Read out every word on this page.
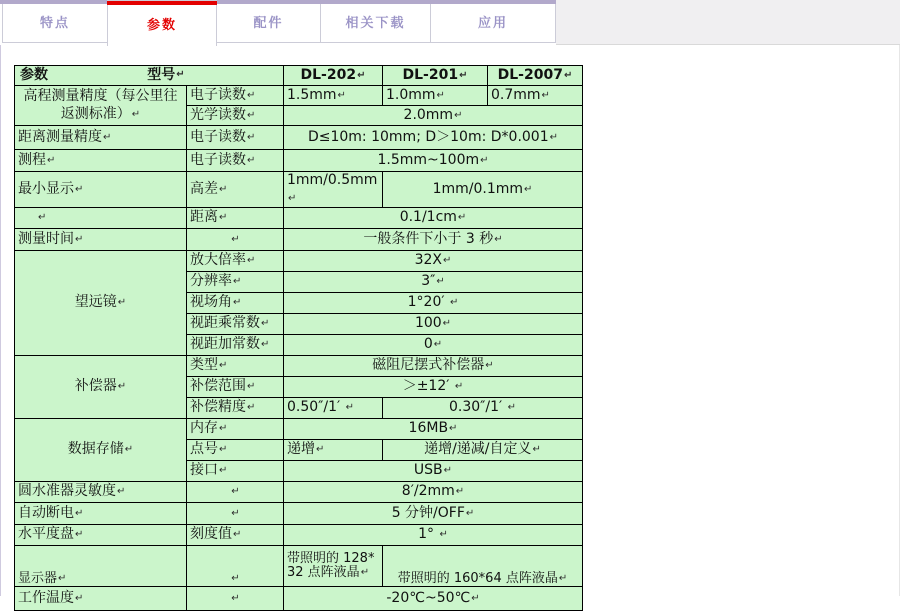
特点	参数	配件	相关下载	应用
参数 型号 ↵		DL-202↵	DL-201↵	DL-2007↵
高程测量精度（每公里往返测标准）↵	电子读数↵	1.5mm↵	1.0mm↵	0.7mm↵
	光学读数↵	2.0mm↵		
距离测量精度↵	电子读数↵	D≤10m: 10mm; D＞10m: D*0.001↵		
测程↵	电子读数↵	1.5mm~100m↵		
最小显示↵	高差↵	1mm/0.5mm↵	1mm/0.1mm↵	
↵	距离↵	0.1/1cm↵		
测量时间↵	↵	一般条件下小于 3 秒↵		
望远镜↵	放大倍率↵	32X↵		
	分辨率↵	3″↵		
	视场角↵	1°20′ ↵		
	视距乘常数↵	100↵		
	视距加常数↵	0↵		
补偿器↵	类型↵	磁阻尼摆式补偿器↵		
	补偿范围↵	＞±12′ ↵		
	补偿精度↵	0.50″/1′ ↵	0.30″/1′ ↵	
数据存储↵	内存↵	16MB↵		
	点号↵	递增↵	递增/递减/自定义↵	
	接口↵	USB↵		
圆水准器灵敏度↵	↵	8′/2mm↵		
自动断电↵	↵	5 分钟/OFF↵		
水平度盘↵	刻度值↵	1° ↵		
显示器↵	↵	带照明的 128*32 点阵液晶↵	带照明的 160*64 点阵液晶↵	
工作温度↵	↵	-20℃~50℃↵		
